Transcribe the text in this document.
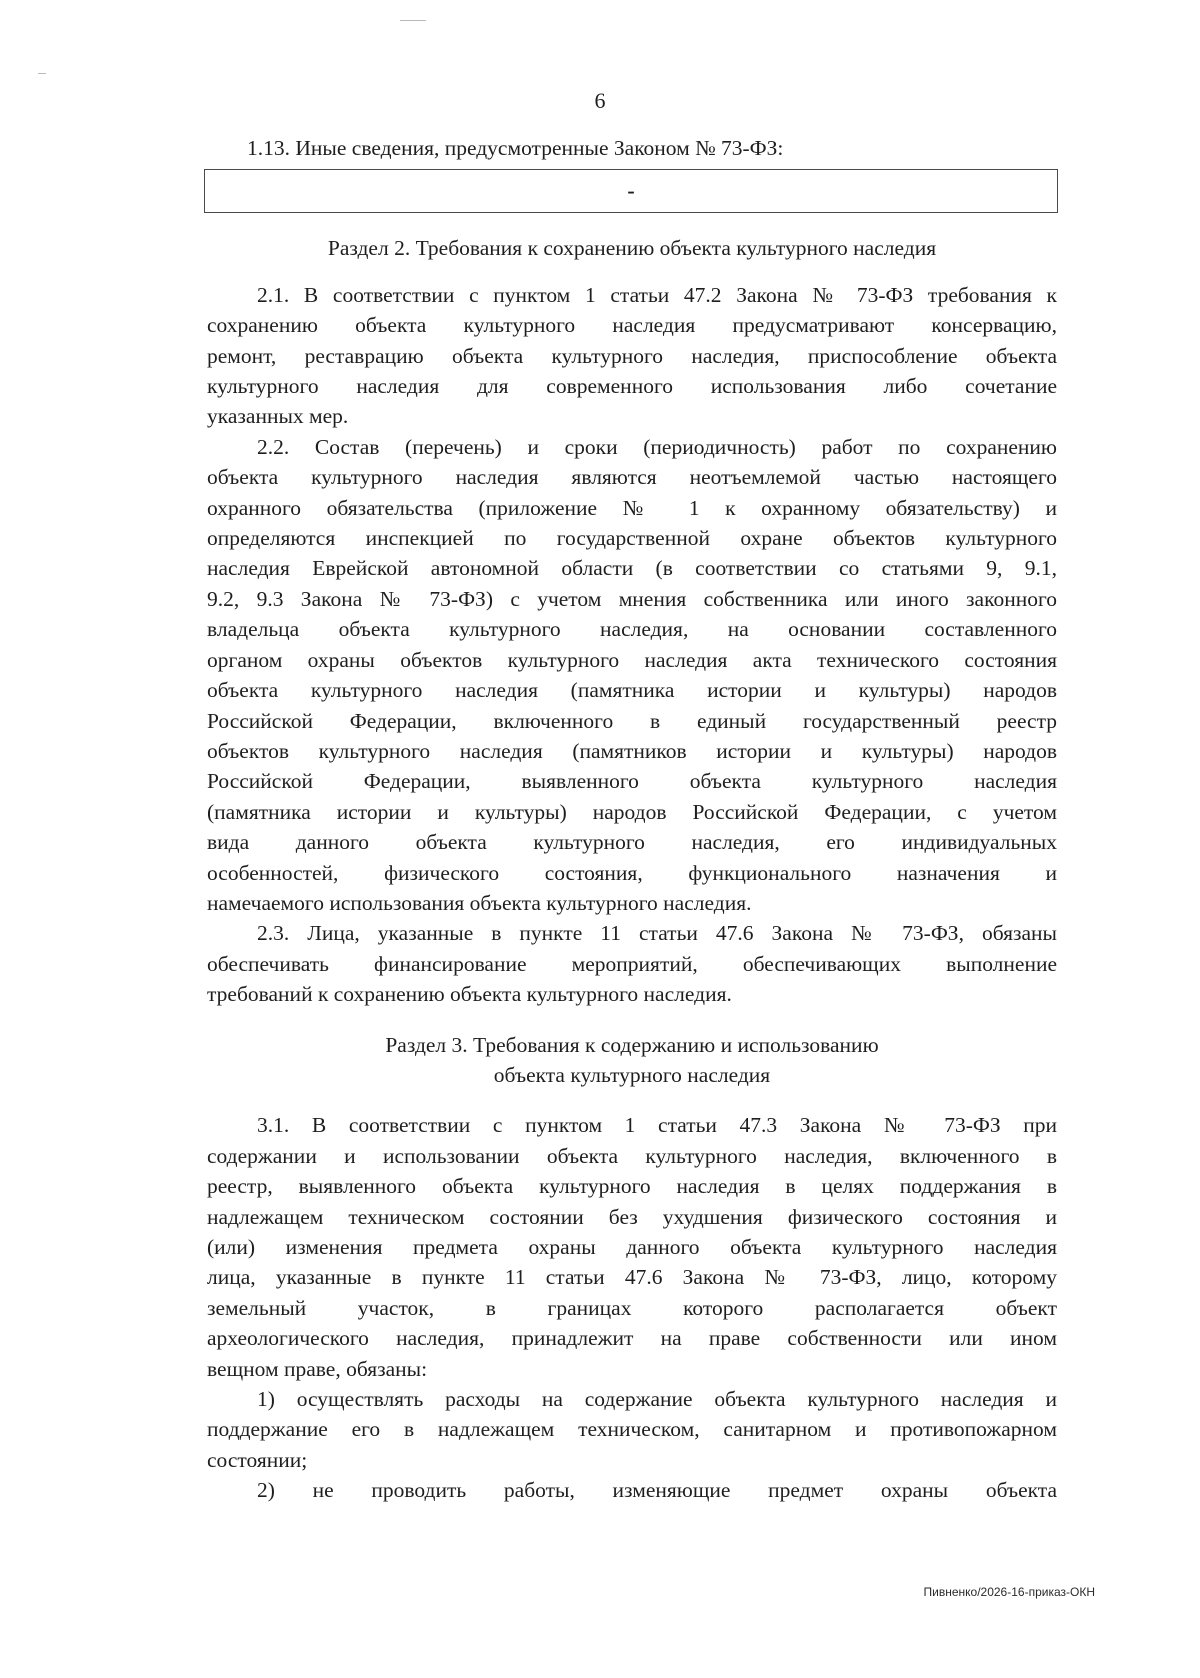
6
1.13. Иные сведения, предусмотренные Законом № 73-ФЗ:
-
Раздел 2. Требования к сохранению объекта культурного наследия
2.1. В соответствии с пунктом 1 статьи 47.2 Закона № 73-ФЗ требования к
сохранению объекта культурного наследия предусматривают консервацию,
ремонт, реставрацию объекта культурного наследия, приспособление объекта
культурного наследия для современного использования либо сочетание
указанных мер.
2.2. Состав (перечень) и сроки (периодичность) работ по сохранению
объекта культурного наследия являются неотъемлемой частью настоящего
охранного обязательства (приложение № 1 к охранному обязательству) и
определяются инспекцией по государственной охране объектов культурного
наследия Еврейской автономной области (в соответствии со статьями 9, 9.1,
9.2, 9.3 Закона № 73-ФЗ) с учетом мнения собственника или иного законного
владельца объекта культурного наследия, на основании составленного
органом охраны объектов культурного наследия акта технического состояния
объекта культурного наследия (памятника истории и культуры) народов
Российской Федерации, включенного в единый государственный реестр
объектов культурного наследия (памятников истории и культуры) народов
Российской Федерации, выявленного объекта культурного наследия
(памятника истории и культуры) народов Российской Федерации, с учетом
вида данного объекта культурного наследия, его индивидуальных
особенностей, физического состояния, функционального назначения и
намечаемого использования объекта культурного наследия.
2.3. Лица, указанные в пункте 11 статьи 47.6 Закона № 73-ФЗ, обязаны
обеспечивать финансирование мероприятий, обеспечивающих выполнение
требований к сохранению объекта культурного наследия.
Раздел 3. Требования к содержанию и использованию
объекта культурного наследия
3.1. В соответствии с пунктом 1 статьи 47.3 Закона № 73-ФЗ при
содержании и использовании объекта культурного наследия, включенного в
реестр, выявленного объекта культурного наследия в целях поддержания в
надлежащем техническом состоянии без ухудшения физического состояния и
(или) изменения предмета охраны данного объекта культурного наследия
лица, указанные в пункте 11 статьи 47.6 Закона № 73-ФЗ, лицо, которому
земельный участок, в границах которого располагается объект
археологического наследия, принадлежит на праве собственности или ином
вещном праве, обязаны:
1) осуществлять расходы на содержание объекта культурного наследия и
поддержание его в надлежащем техническом, санитарном и противопожарном
состоянии;
2) не проводить работы, изменяющие предмет охраны объекта
Пивненко/2026-16-приказ-ОКН
